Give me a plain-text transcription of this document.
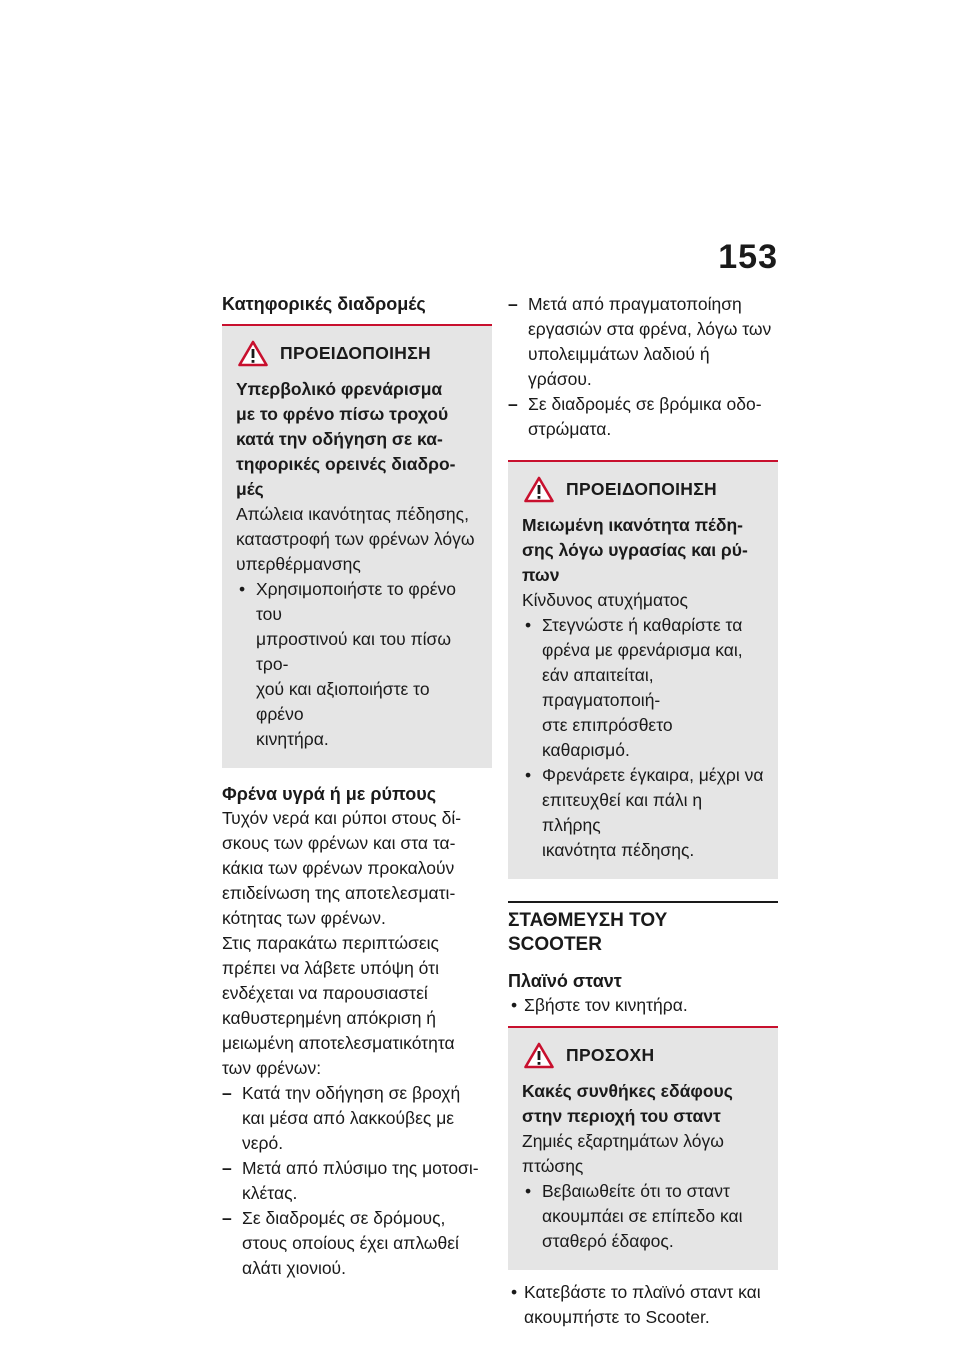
153
Κατηφορικές διαδρομές
ΠΡΟΕΙΔΟΠΟΙΗΣΗ
Υπερβολικό φρενάρισμα
με το φρένο πίσω τροχού
κατά την οδήγηση σε κα-
τηφορικές ορεινές διαδρο-
μές
Απώλεια ικανότητας πέδησης,
καταστροφή των φρένων λόγω
υπερθέρμανσης
• Χρησιμοποιήστε το φρένο του
μπροστινού και του πίσω τρο-
χού και αξιοποιήστε το φρένο
κινητήρα.
Φρένα υγρά ή με ρύπους
Τυχόν νερά και ρύποι στους δί-
σκους των φρένων και στα τα-
κάκια των φρένων προκαλούν
επιδείνωση της αποτελεσματι-
κότητας των φρένων.
Στις παρακάτω περιπτώσεις
πρέπει να λάβετε υπόψη ότι
ενδέχεται να παρουσιαστεί
καθυστερημένη απόκριση ή
μειωμένη αποτελεσματικότητα
των φρένων:
– Κατά την οδήγηση σε βροχή
και μέσα από λακκούβες με
νερό.
– Μετά από πλύσιμο της μοτοσι-
κλέτας.
– Σε διαδρομές σε δρόμους,
στους οποίους έχει απλωθεί
αλάτι χιονιού.
– Μετά από πραγματοποίηση
εργασιών στα φρένα, λόγω των
υπολειμμάτων λαδιού ή γράσου.
– Σε διαδρομές σε βρόμικα οδο-
στρώματα.
ΠΡΟΕΙΔΟΠΟΙΗΣΗ
Μειωμένη ικανότητα πέδη-
σης λόγω υγρασίας και ρύ-
πων
Κίνδυνος ατυχήματος
• Στεγνώστε ή καθαρίστε τα
φρένα με φρενάρισμα και,
εάν απαιτείται, πραγματοποιή-
στε επιπρόσθετο καθαρισμό.
• Φρενάρετε έγκαιρα, μέχρι να
επιτευχθεί και πάλι η πλήρης
ικανότητα πέδησης.
ΣΤΑΘΜΕΥΣΗ ΤΟΥ
SCOOTER
Πλαϊνό σταντ
• Σβήστε τον κινητήρα.
ΠΡΟΣΟΧΗ
Κακές συνθήκες εδάφους
στην περιοχή του σταντ
Ζημιές εξαρτημάτων λόγω
πτώσης
• Βεβαιωθείτε ότι το σταντ
ακουμπάει σε επίπεδο και
σταθερό έδαφος.
• Κατεβάστε το πλαϊνό σταντ και
ακουμπήστε το Scooter.
